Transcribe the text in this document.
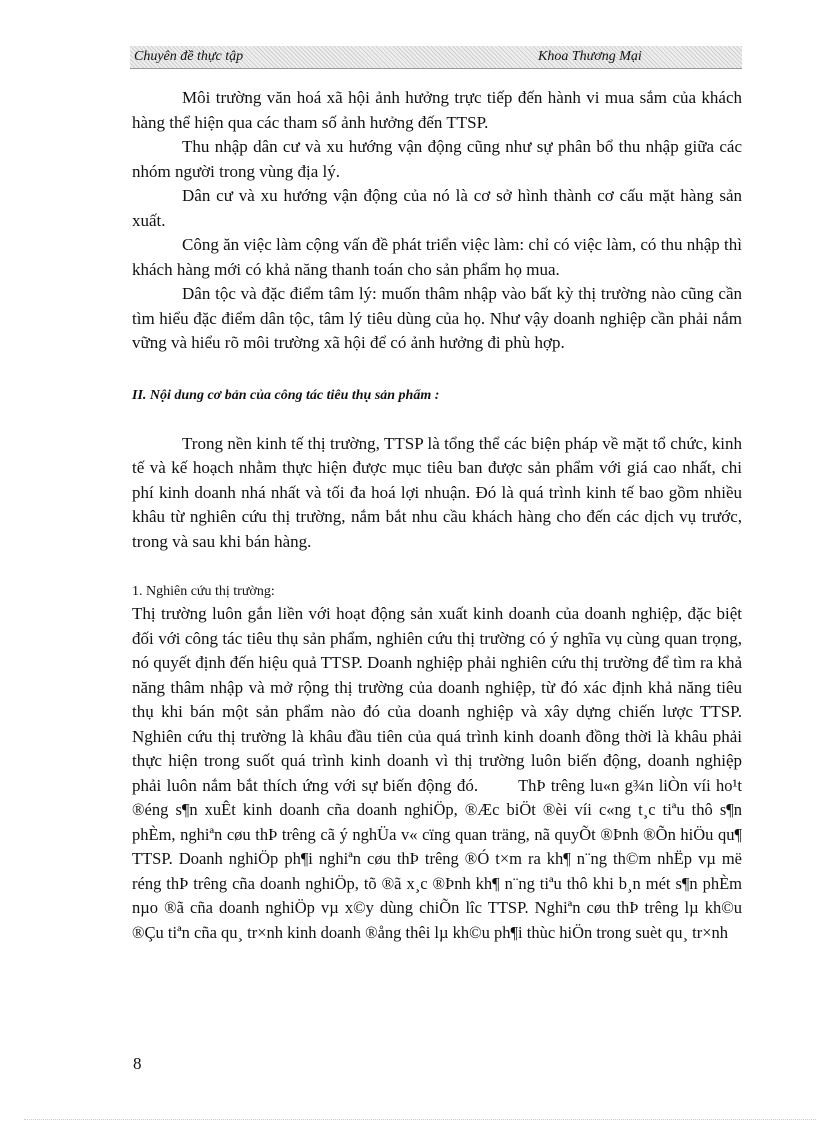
Chuyên đề thực tập	Khoa Thương Mại

Môi trường văn hoá xã hội ảnh hưởng trực tiếp đến hành vi mua sắm của khách hàng thể hiện qua các tham số ảnh hưởng đến TTSP.

Thu nhập dân cư và xu hướng vận động cũng như sự phân bổ thu nhập giữa các nhóm người trong vùng địa lý.

Dân cư và xu hướng vận động của nó là cơ sở hình thành cơ cấu mặt hàng sản xuất.

Công ăn việc làm cộng vấn đề phát triển việc làm: chỉ có việc làm, có thu nhập thì khách hàng mới có khả năng thanh toán cho sản phẩm họ mua.

Dân tộc và đặc điểm tâm lý: muốn thâm nhập vào bất kỳ thị trường nào cũng cần tìm hiểu đặc điểm dân tộc, tâm lý tiêu dùng của họ. Như vậy doanh nghiệp cần phải nắm vững và hiểu rõ môi trường xã hội để có ảnh hưởng đi phù hợp.

II. Nội dung cơ bản của công tác tiêu thụ sản phẩm :

Trong nền kinh tế thị trường, TTSP là tổng thể các biện pháp về mặt tổ chức, kinh tế và kế hoạch nhằm thực hiện được mục tiêu ban được sản phẩm với giá cao nhất, chi phí kinh doanh nhá nhất và tối đa hoá lợi nhuận. Đó là quá trình kinh tế bao gồm nhiều khâu từ nghiên cứu thị trường, nắm bắt nhu cầu khách hàng cho đến các dịch vụ trước, trong và sau khi bán hàng.

1. Nghiên cứu thị trường:

Thị trường luôn gắn liền với hoạt động sản xuất kinh doanh của doanh nghiệp, đặc biệt đối với công tác tiêu thụ sản phẩm, nghiên cứu thị trường có ý nghĩa vụ cùng quan trọng, nó quyết định đến hiệu quả TTSP. Doanh nghiệp phải nghiên cứu thị trường để tìm ra khả năng thâm nhập và mở rộng thị trường của doanh nghiệp, từ đó xác định khả năng tiêu thụ khi bán một sản phẩm nào đó của doanh nghiệp và xây dựng chiến lược TTSP. Nghiên cứu thị trường là khâu đầu tiên của quá trình kinh doanh đồng thời là khâu phải thực hiện trong suốt quá trình kinh doanh vì thị trường luôn biến động, doanh nghiệp phải luôn nắm bắt thích ứng với sự biến động đó. ThÞ trêng lu«n g¾n liÒn víi ho¹t ®éng s¶n xuÊt kinh doanh cña doanh nghiÖp, ®Æc biÖt ®èi víi c«ng t¸c tiªu thô s¶n phÈm, nghiªn cøu thÞ trêng cã ý nghÜa v« cïng quan träng, nã quyÕt ®Þnh ®Õn hiÖu qu¶ TTSP. Doanh nghiÖp ph¶i nghiªn cøu thÞ trêng ®Ó t×m ra kh¶ n¨ng th©m nhËp vµ më réng thÞ trêng cña doanh nghiÖp, tõ ®ã x¸c ®Þnh kh¶ n¨ng tiªu thô khi b¸n mét s¶n phÈm nµo ®ã cña doanh nghiÖp vµ x©y dùng chiÕn lîc TTSP. Nghiªn cøu thÞ trêng lµ kh©u ®Çu tiªn cña qu¸ tr×nh kinh doanh ®ång thêi lµ kh©u ph¶i thùc hiÖn trong suèt qu¸ tr×nh

8
